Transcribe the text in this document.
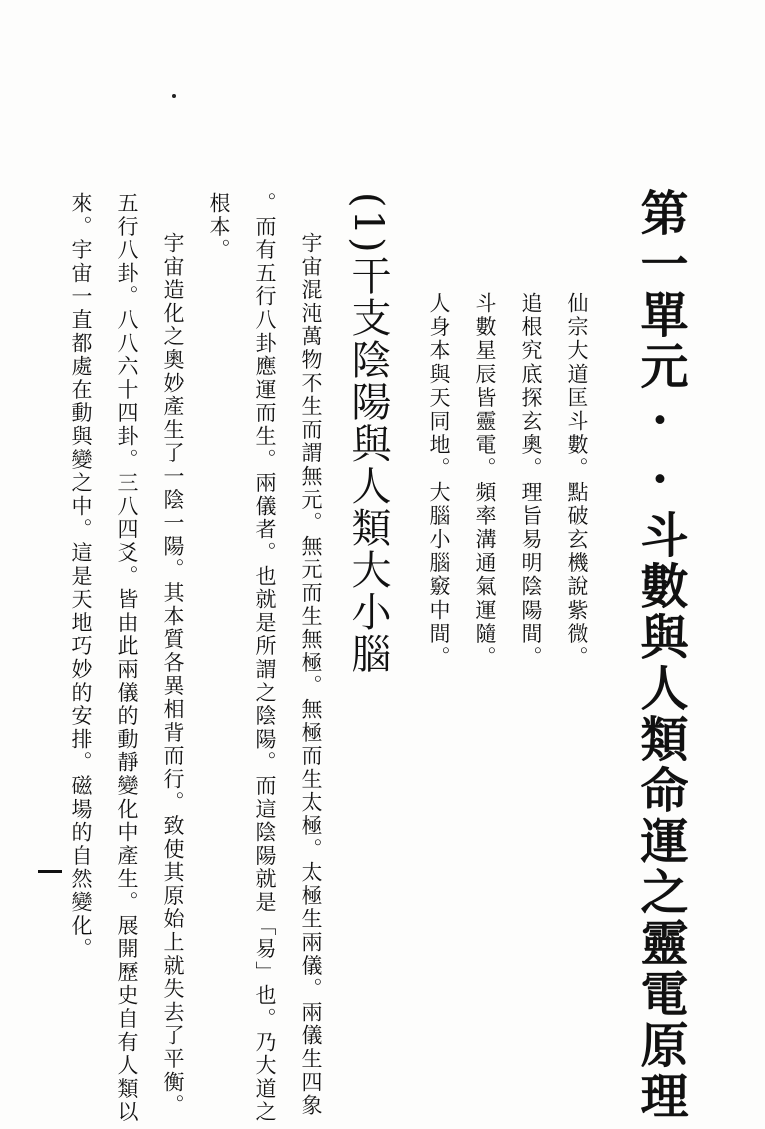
第一單元··斗數與人類命運之靈電原理
仙宗大道匡斗數。點破玄機說紫微。
追根究底探玄奧。理旨易明陰陽間。
斗數星辰皆靈電。頻率溝通氣運隨。
人身本與天同地。大腦小腦竅中間。
(1)干支陰陽與人類大小腦
宇宙混沌萬物不生而謂無元。無元而生無極。無極而生太極。太極生兩儀。兩儀生四象
。而有五行八卦應運而生。兩儀者。也就是所謂之陰陽。而這陰陽就是「易」也。乃大道之
根本。
宇宙造化之奧妙產生了一陰一陽。其本質各異相背而行。致使其原始上就失去了平衡。
五行八卦。八八六十四卦。三八四爻。皆由此兩儀的動靜變化中產生。展開歷史自有人類以
來。宇宙一直都處在動與變之中。這是天地巧妙的安排。磁場的自然變化。
